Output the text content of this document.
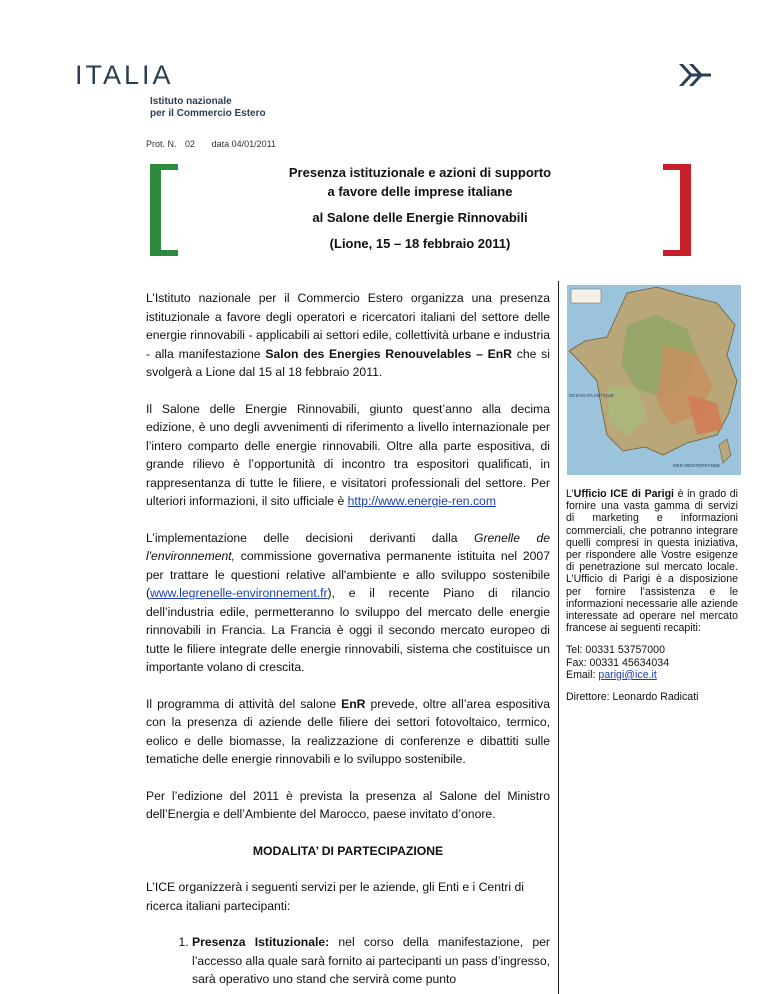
ITALIA
Istituto nazionale
per il Commercio Estero
Prot. N. 02 data 04/01/2011
Presenza istituzionale e azioni di supporto
a favore delle imprese italiane
al Salone delle Energie Rinnovabili
(Lione, 15 – 18 febbraio 2011)

L’Istituto nazionale per il Commercio Estero organizza una presenza istituzionale a favore degli operatori e ricercatori italiani del settore delle energie rinnovabili - applicabili ai settori edile, collettività urbane e industria - alla manifestazione Salon des Energies Renouvelables – EnR che si svolgerà a Lione dal 15 al 18 febbraio 2011.

Il Salone delle Energie Rinnovabili, giunto quest’anno alla decima edizione, è uno degli avvenimenti di riferimento a livello internazionale per l’intero comparto delle energie rinnovabili. Oltre alla parte espositiva, di grande rilievo è l’opportunità di incontro tra espositori qualificati, in rappresentanza di tutte le filiere, e visitatori professionali del settore. Per ulteriori informazioni, il sito ufficiale è http://www.energie-ren.com

L’implementazione delle decisioni derivanti dalla Grenelle de l'environnement, commissione governativa permanente istituita nel 2007 per trattare le questioni relative all'ambiente e allo sviluppo sostenibile (www.legrenelle-environnement.fr), e il recente Piano di rilancio dell’industria edile, permetteranno lo sviluppo del mercato delle energie rinnovabili in Francia. La Francia è oggi il secondo mercato europeo di tutte le filiere integrate delle energie rinnovabili, sistema che costituisce un importante volano di crescita.

Il programma di attività del salone EnR prevede, oltre all’area espositiva con la presenza di aziende delle filiere dei settori fotovoltaico, termico, eolico e delle biomasse, la realizzazione di conferenze e dibattiti sulle tematiche delle energie rinnovabili e lo sviluppo sostenibile.

Per l’edizione del 2011 è prevista la presenza al Salone del Ministro dell’Energia e dell’Ambiente del Marocco, paese invitato d’onore.

MODALITA’ DI PARTECIPAZIONE

L’ICE organizzerà i seguenti servizi per le aziende, gli Enti e i Centri di ricerca italiani partecipanti:

1. Presenza Istituzionale: nel corso della manifestazione, per l’accesso alla quale sarà fornito ai partecipanti un pass d’ingresso, sarà operativo uno stand che servirà come punto
OCEAN ATLANTIQUE
MER MEDITERRANEE

L’Ufficio ICE di Parigi è in grado di fornire una vasta gamma di servizi di marketing e informazioni commerciali, che potranno integrare quelli compresi in questa iniziativa, per rispondere alle Vostre esigenze di penetrazione sul mercato locale. L’Ufficio di Parigi è a disposizione per fornire l’assistenza e le informazioni necessarie alle aziende interessate ad operare nel mercato francese ai seguenti recapiti:

Tel: 00331 53757000
Fax: 00331 45634034
Email: parigi@ice.it

Direttore: Leonardo Radicati
